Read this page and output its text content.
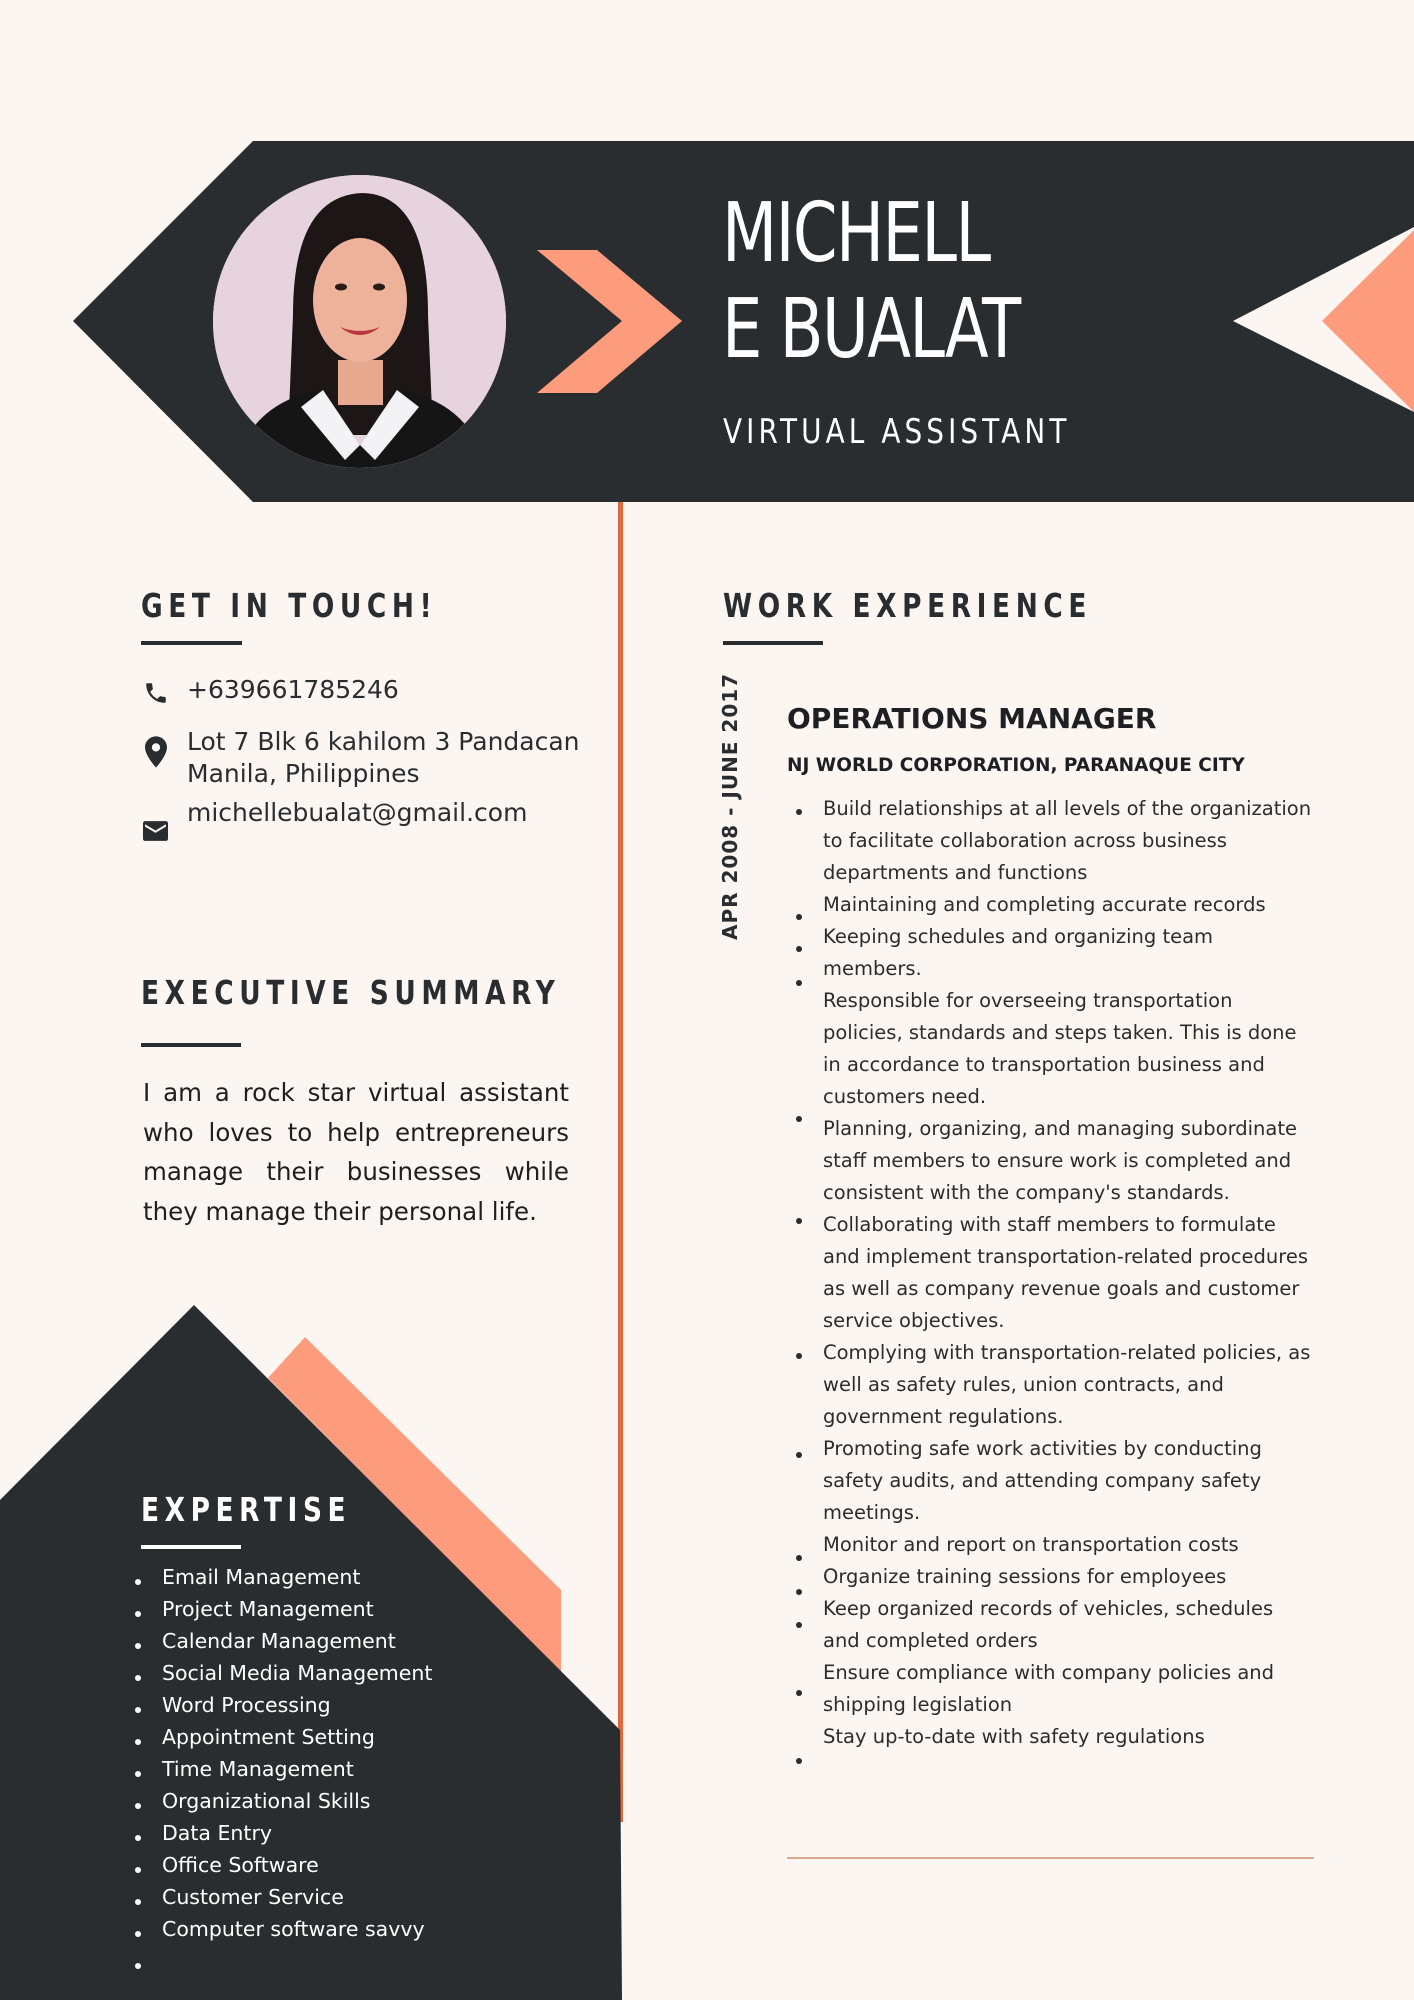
MICHELL
E BUALAT
VIRTUAL ASSISTANT
GET IN TOUCH!
+639661785246
Lot 7 Blk 6 kahilom 3 Pandacan
Manila, Philippines
michellebualat@gmail.com
EXECUTIVE SUMMARY
I am a rock star virtual assistant who loves to help entrepreneurs manage their businesses while they manage their personal life.
EXPERTISE
Email Management
Project Management
Calendar Management
Social Media Management
Word Processing
Appointment Setting
Time Management
Organizational Skills
Data Entry
Office Software
Customer Service
Computer software savvy
WORK EXPERIENCE
APR 2008 - JUNE 2017 OPERATIONS MANAGER
NJ WORLD CORPORATION, PARANAQUE CITY

Build relationships at all levels of the organization to facilitate collaboration across business departments and functions

Maintaining and completing accurate records

Keeping schedules and organizing team members.

Responsible for overseeing transportation policies, standards and steps taken. This is done in accordance to transportation business and customers need.

Planning, organizing, and managing subordinate staff members to ensure work is completed and consistent with the company's standards.

Collaborating with staff members to formulate and implement transportation-related procedures as well as company revenue goals and customer service objectives.

Complying with transportation-related policies, as well as safety rules, union contracts, and government regulations.

Promoting safe work activities by conducting safety audits, and attending company safety meetings.

Monitor and report on transportation costs

Organize training sessions for employees

Keep organized records of vehicles, schedules and completed orders

Ensure compliance with company policies and shipping legislation

Stay up-to-date with safety regulations
